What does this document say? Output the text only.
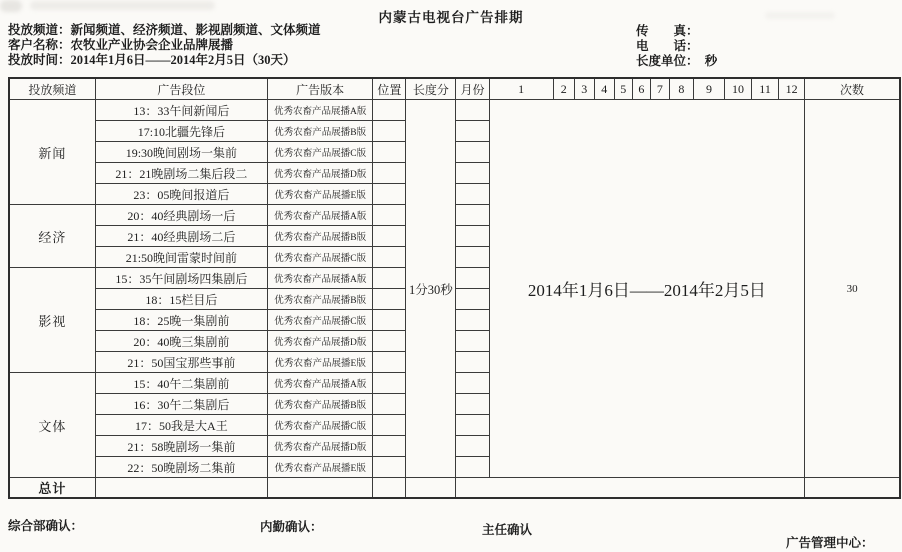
内蒙古电视台广告排期
投放频道：新闻频道、经济频道、影视剧频道、文体频道
客户名称：农牧业产业协会企业品牌展播
投放时间：2014年1月6日——2014年2月5日（30天）
传　　真：
电　　话：
长度单位：　 秒
投放频道	广告段位	广告版本	位置	长度分	月份	1	2	3	4	5	6	7	8	9	10	11	12	次数
新闻	13：33午间新闻后	优秀农畜产品展播A版		1分30秒		2014年1月6日——2014年2月5日												30
	17:10北疆先锋后	优秀农畜产品展播B版																
	19:30晚间剧场一集前	优秀农畜产品展播C版																
	21：21晚剧场二集后段二	优秀农畜产品展播D版																
	23：05晚间报道后	优秀农畜产品展播E版																
经济	20：40经典剧场一后	优秀农畜产品展播A版																
	21：40经典剧场二后	优秀农畜产品展播B版																
	21:50晚间雷蒙时间前	优秀农畜产品展播C版																
影视	15：35午间剧场四集剧后	优秀农畜产品展播A版																
	18：15栏目后	优秀农畜产品展播B版																
	18：25晚一集剧前	优秀农畜产品展播C版																
	20：40晚三集剧前	优秀农畜产品展播D版																
	21：50国宝那些事前	优秀农畜产品展播E版																
文体	15：40午二集剧前	优秀农畜产品展播A版																
	16：30午二集剧后	优秀农畜产品展播B版																
	17：50我是大A王	优秀农畜产品展播C版																
	21：58晚剧场一集前	优秀农畜产品展播D版																
	22：50晚剧场二集前	优秀农畜产品展播E版																
总计																		
综合部确认：	内勤确认：	主任确认
广告管理中心：
